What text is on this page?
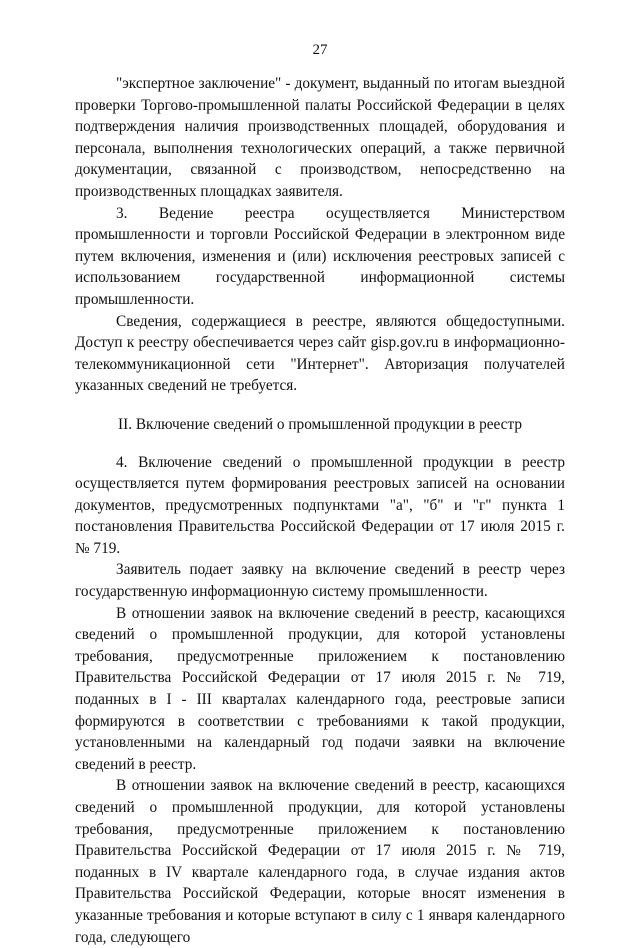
27

"экспертное заключение" - документ, выданный по итогам выездной проверки Торгово-промышленной палаты Российской Федерации в целях подтверждения наличия производственных площадей, оборудования и персонала, выполнения технологических операций, а также первичной документации, связанной с производством, непосредственно на производственных площадках заявителя.

3. Ведение реестра осуществляется Министерством промышленности и торговли Российской Федерации в электронном виде путем включения, изменения и (или) исключения реестровых записей с использованием государственной информационной системы промышленности.

Сведения, содержащиеся в реестре, являются общедоступными. Доступ к реестру обеспечивается через сайт gisp.gov.ru в информационно-телекоммуникационной сети "Интернет". Авторизация получателей указанных сведений не требуется.

II. Включение сведений о промышленной продукции в реестр

4. Включение сведений о промышленной продукции в реестр осуществляется путем формирования реестровых записей на основании документов, предусмотренных подпунктами "а", "б" и "г" пункта 1 постановления Правительства Российской Федерации от 17 июля 2015 г. № 719.

Заявитель подает заявку на включение сведений в реестр через государственную информационную систему промышленности.

В отношении заявок на включение сведений в реестр, касающихся сведений о промышленной продукции, для которой установлены требования, предусмотренные приложением к постановлению Правительства Российской Федерации от 17 июля 2015 г. № 719, поданных в I - III кварталах календарного года, реестровые записи формируются в соответствии с требованиями к такой продукции, установленными на календарный год подачи заявки на включение сведений в реестр.

В отношении заявок на включение сведений в реестр, касающихся сведений о промышленной продукции, для которой установлены требования, предусмотренные приложением к постановлению Правительства Российской Федерации от 17 июля 2015 г. № 719, поданных в IV квартале календарного года, в случае издания актов Правительства Российской Федерации, которые вносят изменения в указанные требования и которые вступают в силу с 1 января календарного года, следующего
